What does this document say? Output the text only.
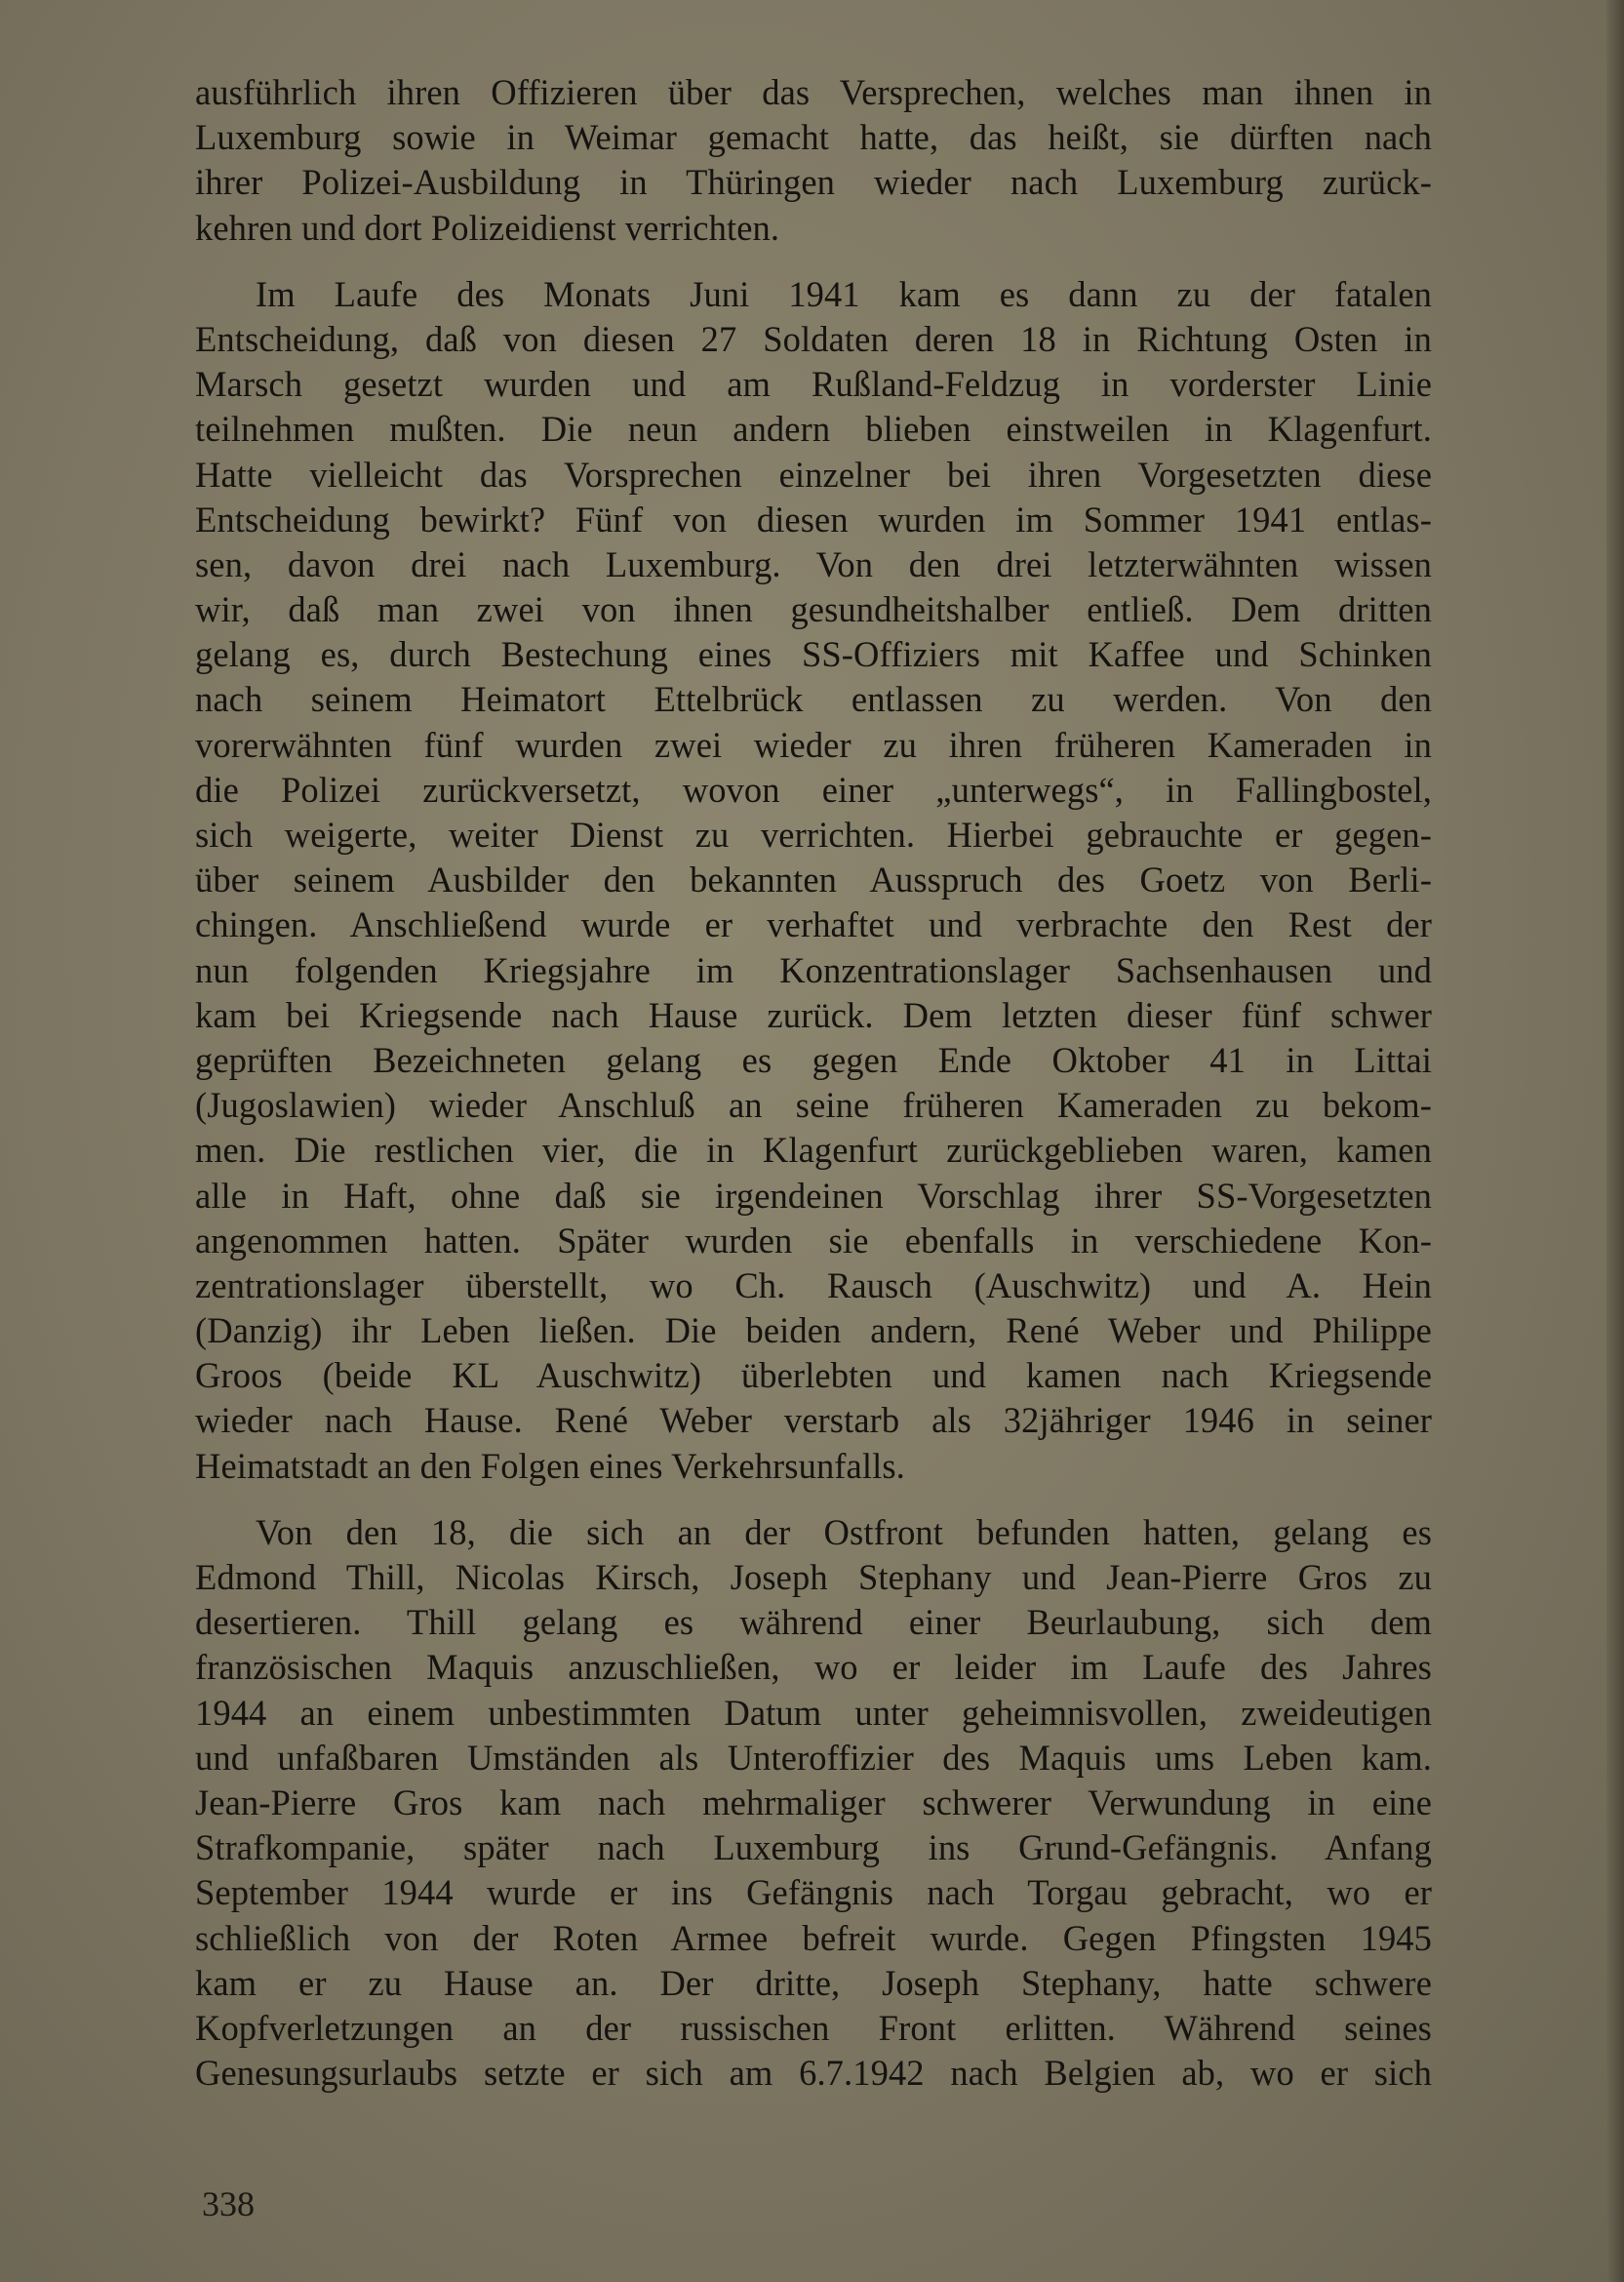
ausführlich ihren Offizieren über das Versprechen, welches man ihnen in
Luxemburg sowie in Weimar gemacht hatte, das heißt, sie dürften nach
ihrer Polizei-Ausbildung in Thüringen wieder nach Luxemburg zurück-
kehren und dort Polizeidienst verrichten.
Im Laufe des Monats Juni 1941 kam es dann zu der fatalen
Entscheidung, daß von diesen 27 Soldaten deren 18 in Richtung Osten in
Marsch gesetzt wurden und am Rußland-Feldzug in vorderster Linie
teilnehmen mußten. Die neun andern blieben einstweilen in Klagenfurt.
Hatte vielleicht das Vorsprechen einzelner bei ihren Vorgesetzten diese
Entscheidung bewirkt? Fünf von diesen wurden im Sommer 1941 entlas-
sen, davon drei nach Luxemburg. Von den drei letzterwähnten wissen
wir, daß man zwei von ihnen gesundheitshalber entließ. Dem dritten
gelang es, durch Bestechung eines SS-Offiziers mit Kaffee und Schinken
nach seinem Heimatort Ettelbrück entlassen zu werden. Von den
vorerwähnten fünf wurden zwei wieder zu ihren früheren Kameraden in
die Polizei zurückversetzt, wovon einer „unterwegs“, in Fallingbostel,
sich weigerte, weiter Dienst zu verrichten. Hierbei gebrauchte er gegen-
über seinem Ausbilder den bekannten Ausspruch des Goetz von Berli-
chingen. Anschließend wurde er verhaftet und verbrachte den Rest der
nun folgenden Kriegsjahre im Konzentrationslager Sachsenhausen und
kam bei Kriegsende nach Hause zurück. Dem letzten dieser fünf schwer
geprüften Bezeichneten gelang es gegen Ende Oktober 41 in Littai
(Jugoslawien) wieder Anschluß an seine früheren Kameraden zu bekom-
men. Die restlichen vier, die in Klagenfurt zurückgeblieben waren, kamen
alle in Haft, ohne daß sie irgendeinen Vorschlag ihrer SS-Vorgesetzten
angenommen hatten. Später wurden sie ebenfalls in verschiedene Kon-
zentrationslager überstellt, wo Ch. Rausch (Auschwitz) und A. Hein
(Danzig) ihr Leben ließen. Die beiden andern, René Weber und Philippe
Groos (beide KL Auschwitz) überlebten und kamen nach Kriegsende
wieder nach Hause. René Weber verstarb als 32jähriger 1946 in seiner
Heimatstadt an den Folgen eines Verkehrsunfalls.
Von den 18, die sich an der Ostfront befunden hatten, gelang es
Edmond Thill, Nicolas Kirsch, Joseph Stephany und Jean-Pierre Gros zu
desertieren. Thill gelang es während einer Beurlaubung, sich dem
französischen Maquis anzuschließen, wo er leider im Laufe des Jahres
1944 an einem unbestimmten Datum unter geheimnisvollen, zweideutigen
und unfaßbaren Umständen als Unteroffizier des Maquis ums Leben kam.
Jean-Pierre Gros kam nach mehrmaliger schwerer Verwundung in eine
Strafkompanie, später nach Luxemburg ins Grund-Gefängnis. Anfang
September 1944 wurde er ins Gefängnis nach Torgau gebracht, wo er
schließlich von der Roten Armee befreit wurde. Gegen Pfingsten 1945
kam er zu Hause an. Der dritte, Joseph Stephany, hatte schwere
Kopfverletzungen an der russischen Front erlitten. Während seines
Genesungsurlaubs setzte er sich am 6.7.1942 nach Belgien ab, wo er sich
338
